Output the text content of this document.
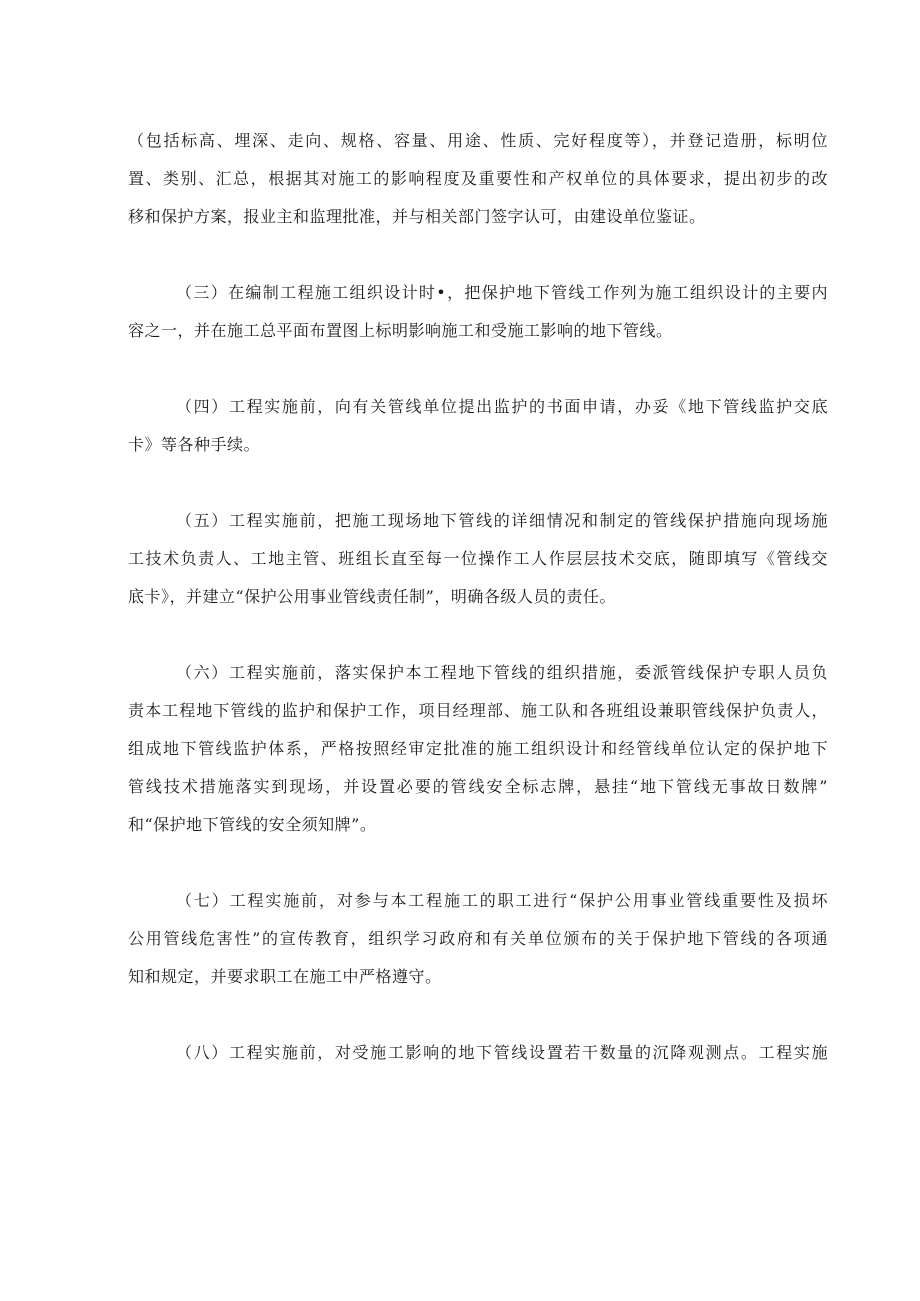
（包括标高、埋深、走向、规格、容量、用途、性质、完好程度等），并登记造册，标明位
置、类别、汇总，根据其对施工的影响程度及重要性和产权单位的具体要求，提出初步的改
移和保护方案，报业主和监理批准，并与相关部门签字认可，由建设单位鉴证。
（三）在编制工程施工组织设计时•，把保护地下管线工作列为施工组织设计的主要内
容之一，并在施工总平面布置图上标明影响施工和受施工影响的地下管线。
（四）工程实施前，向有关管线单位提出监护的书面申请，办妥《地下管线监护交底
卡》等各种手续。
（五）工程实施前，把施工现场地下管线的详细情况和制定的管线保护措施向现场施
工技术负责人、工地主管、班组长直至每一位操作工人作层层技术交底，随即填写《管线交
底卡》，并建立“保护公用事业管线责任制”，明确各级人员的责任。
（六）工程实施前，落实保护本工程地下管线的组织措施，委派管线保护专职人员负
责本工程地下管线的监护和保护工作，项目经理部、施工队和各班组设兼职管线保护负责人，
组成地下管线监护体系，严格按照经审定批准的施工组织设计和经管线单位认定的保护地下
管线技术措施落实到现场，并设置必要的管线安全标志牌，悬挂“地下管线无事故日数牌”
和“保护地下管线的安全须知牌”。
（七）工程实施前，对参与本工程施工的职工进行“保护公用事业管线重要性及损坏
公用管线危害性”的宣传教育，组织学习政府和有关单位颁布的关于保护地下管线的各项通
知和规定，并要求职工在施工中严格遵守。
（八）工程实施前，对受施工影响的地下管线设置若干数量的沉降观测点。工程实施
